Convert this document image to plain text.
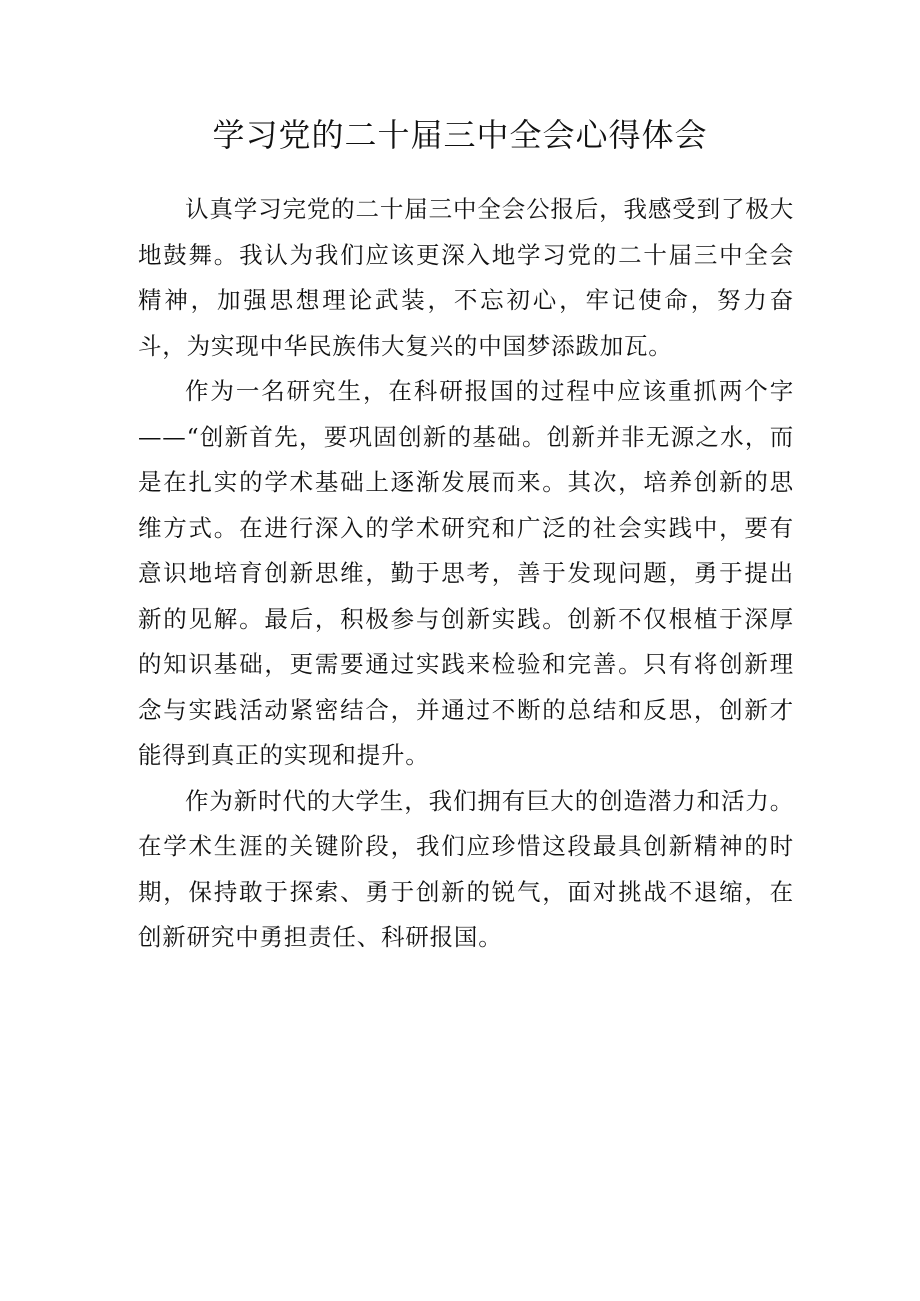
学习党的二十届三中全会心得体会

认真学习完党的二十届三中全会公报后，我感受到了极大地鼓舞。我认为我们应该更深入地学习党的二十届三中全会精神，加强思想理论武装，不忘初心，牢记使命，努力奋斗，为实现中华民族伟大复兴的中国梦添跋加瓦。

作为一名研究生，在科研报国的过程中应该重抓两个字——“创新首先，要巩固创新的基础。创新并非无源之水，而是在扎实的学术基础上逐渐发展而来。其次，培养创新的思维方式。在进行深入的学术研究和广泛的社会实践中，要有意识地培育创新思维，勤于思考，善于发现问题，勇于提出新的见解。最后，积极参与创新实践。创新不仅根植于深厚的知识基础，更需要通过实践来检验和完善。只有将创新理念与实践活动紧密结合，并通过不断的总结和反思，创新才能得到真正的实现和提升。

作为新时代的大学生，我们拥有巨大的创造潜力和活力。在学术生涯的关键阶段，我们应珍惜这段最具创新精神的时期，保持敢于探索、勇于创新的锐气，面对挑战不退缩，在创新研究中勇担责任、科研报国。
